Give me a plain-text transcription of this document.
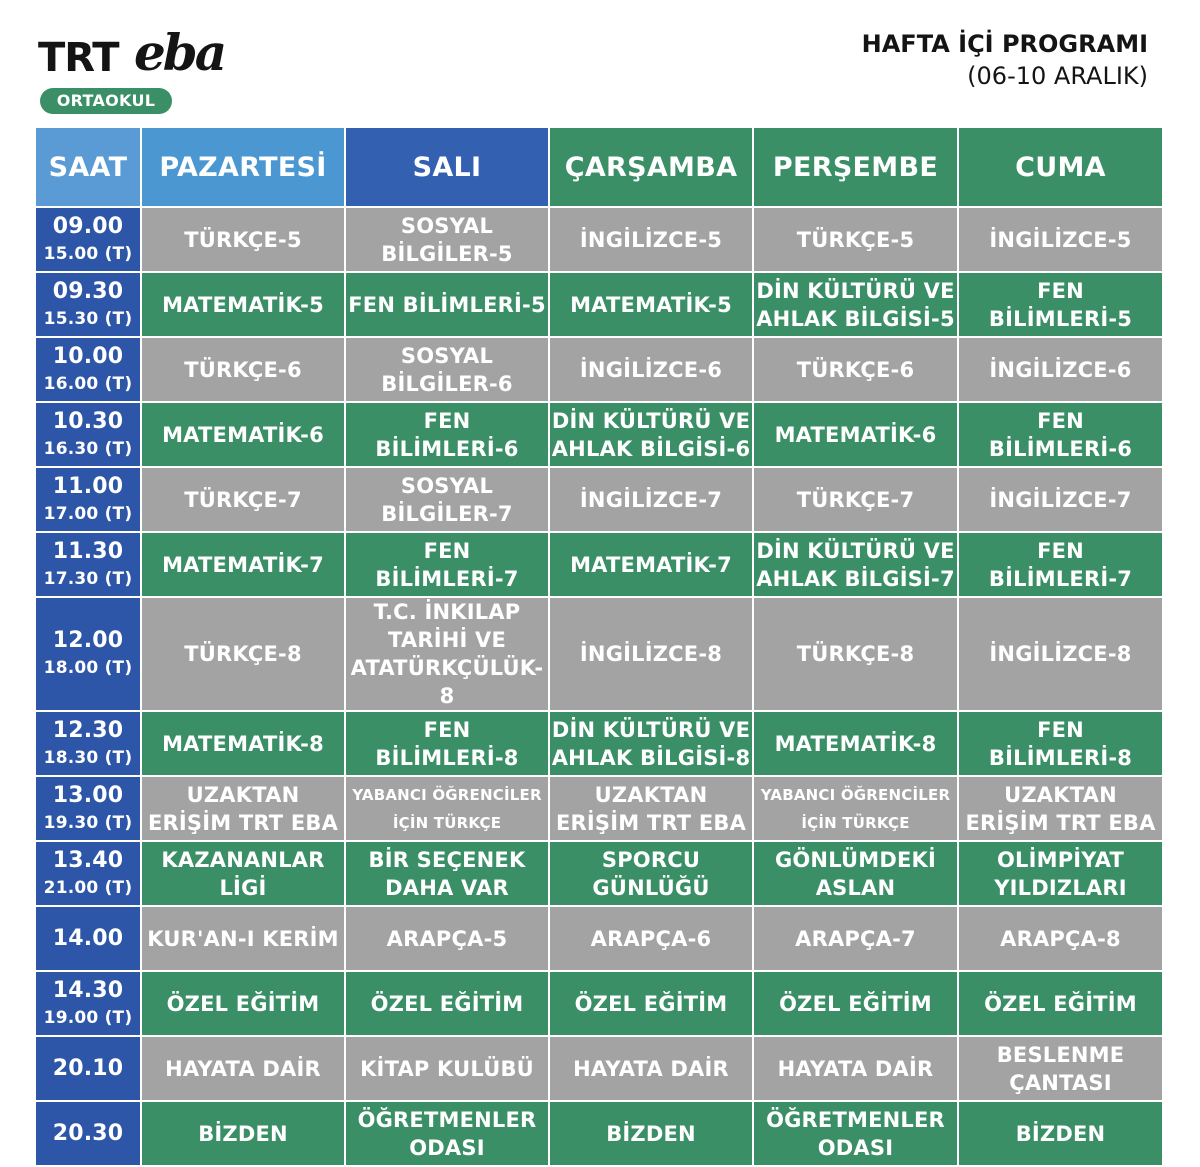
TRT eba
ORTAOKUL
HAFTA İÇİ PROGRAMI
(06-10 ARALIK)
SAAT	PAZARTESİ	SALI	ÇARŞAMBA	PERŞEMBE	CUMA

09.00
15.00 (T)	TÜRKÇE-5	SOSYAL
BİLGİLER-5	İNGİLİZCE-5	TÜRKÇE-5	İNGİLİZCE-5

09.30
15.30 (T)	MATEMATİK-5	FEN BİLİMLERİ-5	MATEMATİK-5	DİN KÜLTÜRÜ VE
AHLAK BİLGİSİ-5	FEN
BİLİMLERİ-5

10.00
16.00 (T)	TÜRKÇE-6	SOSYAL
BİLGİLER-6	İNGİLİZCE-6	TÜRKÇE-6	İNGİLİZCE-6

10.30
16.30 (T)	MATEMATİK-6	FEN
BİLİMLERİ-6	DİN KÜLTÜRÜ VE
AHLAK BİLGİSİ-6	MATEMATİK-6	FEN
BİLİMLERİ-6

11.00
17.00 (T)	TÜRKÇE-7	SOSYAL
BİLGİLER-7	İNGİLİZCE-7	TÜRKÇE-7	İNGİLİZCE-7

11.30
17.30 (T)	MATEMATİK-7	FEN
BİLİMLERİ-7	MATEMATİK-7	DİN KÜLTÜRÜ VE
AHLAK BİLGİSİ-7	FEN
BİLİMLERİ-7

12.00
18.00 (T)	TÜRKÇE-8	T.C. İNKILAP
TARİHİ VE
ATATÜRKÇÜLÜK-8	İNGİLİZCE-8	TÜRKÇE-8	İNGİLİZCE-8

12.30
18.30 (T)	MATEMATİK-8	FEN
BİLİMLERİ-8	DİN KÜLTÜRÜ VE
AHLAK BİLGİSİ-8	MATEMATİK-8	FEN
BİLİMLERİ-8

13.00
19.30 (T)	UZAKTAN
ERİŞİM TRT EBA	YABANCI ÖĞRENCİLER
İÇİN TÜRKÇE	UZAKTAN
ERİŞİM TRT EBA	YABANCI ÖĞRENCİLER
İÇİN TÜRKÇE	UZAKTAN
ERİŞİM TRT EBA

13.40
21.00 (T)	KAZANANLAR
LİGİ	BİR SEÇENEK
DAHA VAR	SPORCU
GÜNLÜĞÜ	GÖNLÜMDEKİ
ASLAN	OLİMPİYAT
YILDIZLARI

14.00	KUR'AN-I KERİM	ARAPÇA-5	ARAPÇA-6	ARAPÇA-7	ARAPÇA-8

14.30
19.00 (T)	ÖZEL EĞİTİM	ÖZEL EĞİTİM	ÖZEL EĞİTİM	ÖZEL EĞİTİM	ÖZEL EĞİTİM

20.10	HAYATA DAİR	KİTAP KULÜBÜ	HAYATA DAİR	HAYATA DAİR	BESLENME
ÇANTASI

20.30	BİZDEN	ÖĞRETMENLER
ODASI	BİZDEN	ÖĞRETMENLER
ODASI	BİZDEN
